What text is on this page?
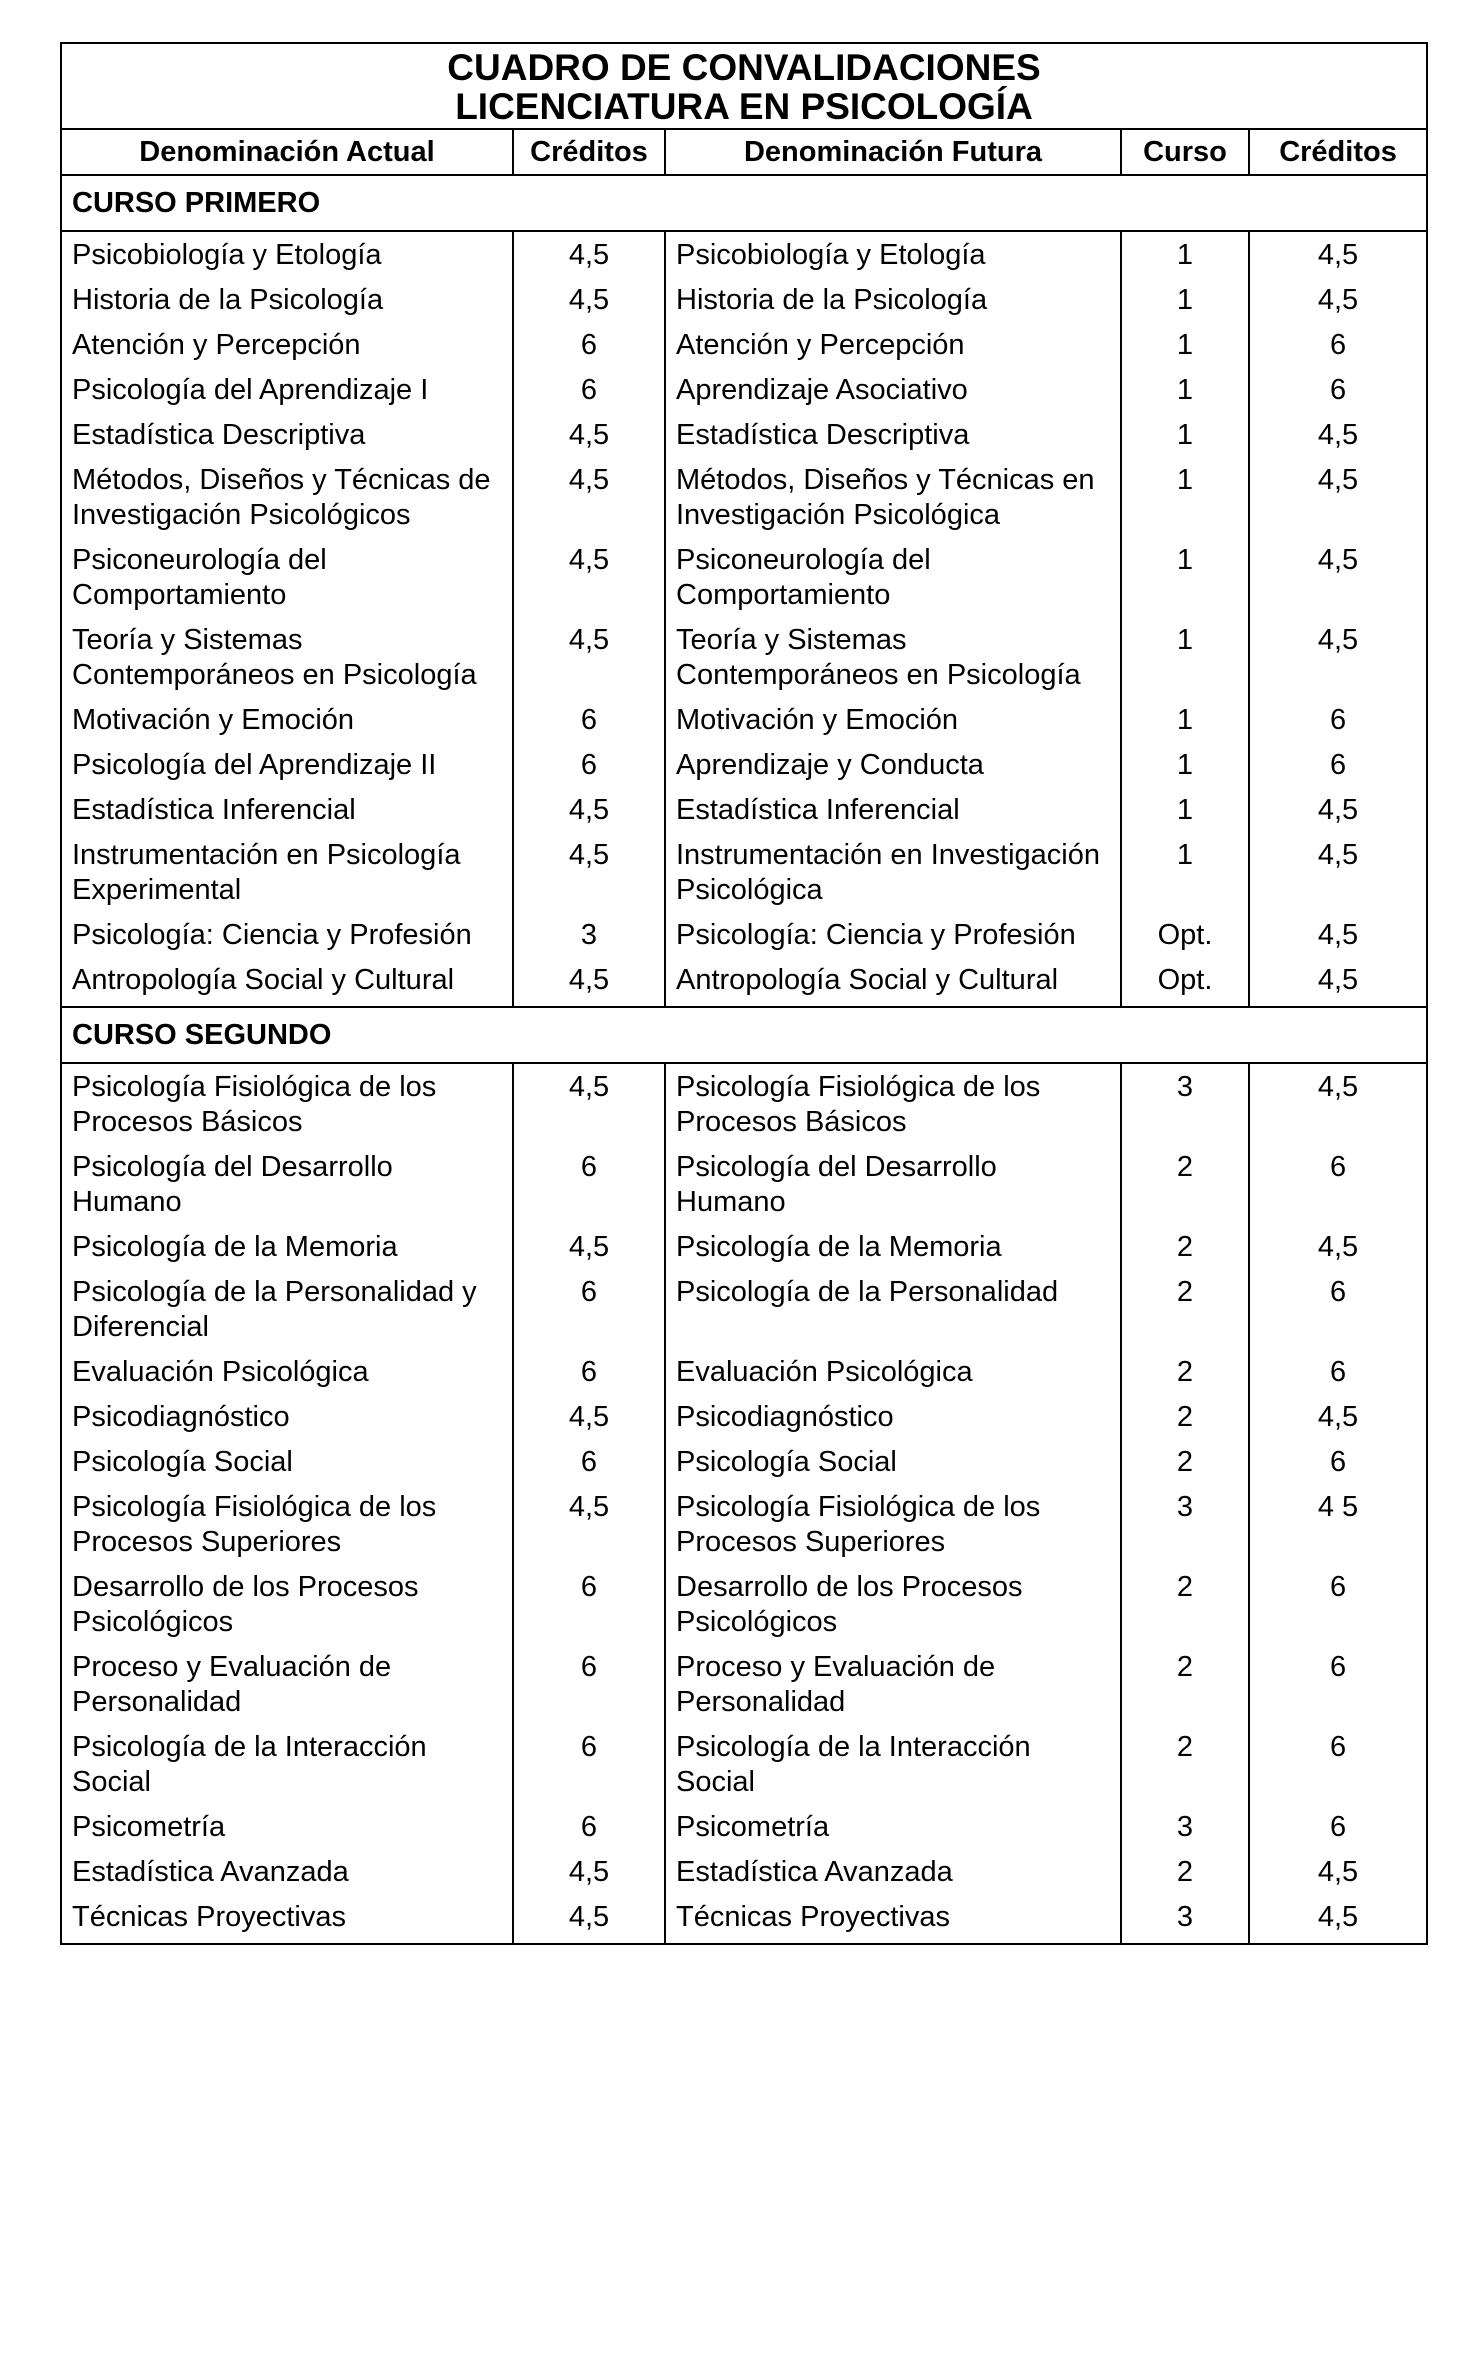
CUADRO DE CONVALIDACIONES
LICENCIATURA EN PSICOLOGÍA				

Denominación Actual	Créditos	Denominación Futura	Curso	Créditos
CURSO PRIMERO				
Psicobiología y Etología	4,5	Psicobiología y Etología	1	4,5
Historia de la Psicología	4,5	Historia de la Psicología	1	4,5
Atención y Percepción	6	Atención y Percepción	1	6
Psicología del Aprendizaje I	6	Aprendizaje Asociativo	1	6
Estadística Descriptiva	4,5	Estadística Descriptiva	1	4,5
Métodos, Diseños y Técnicas de Investigación Psicológicos	4,5	Métodos, Diseños y Técnicas en Investigación Psicológica	1	4,5
Psiconeurología del Comportamiento	4,5	Psiconeurología del Comportamiento	1	4,5
Teoría y Sistemas Contemporáneos en Psicología	4,5	Teoría y Sistemas Contemporáneos en Psicología	1	4,5
Motivación y Emoción	6	Motivación y Emoción	1	6
Psicología del Aprendizaje II	6	Aprendizaje y Conducta	1	6
Estadística Inferencial	4,5	Estadística Inferencial	1	4,5
Instrumentación en Psicología Experimental	4,5	Instrumentación en Investigación Psicológica	1	4,5
Psicología: Ciencia y Profesión	3	Psicología: Ciencia y Profesión	Opt.	4,5
Antropología Social y Cultural	4,5	Antropología Social y Cultural	Opt.	4,5
CURSO SEGUNDO				
Psicología Fisiológica de los Procesos Básicos	4,5	Psicología Fisiológica de los Procesos Básicos	3	4,5
Psicología del Desarrollo Humano	6	Psicología del Desarrollo Humano	2	6
Psicología de la Memoria	4,5	Psicología de la Memoria	2	4,5
Psicología de la Personalidad y Diferencial	6	Psicología de la Personalidad	2	6
Evaluación Psicológica	6	Evaluación Psicológica	2	6
Psicodiagnóstico	4,5	Psicodiagnóstico	2	4,5
Psicología Social	6	Psicología Social	2	6
Psicología Fisiológica de los Procesos Superiores	4,5	Psicología Fisiológica de los Procesos Superiores	3	4 5
Desarrollo de los Procesos Psicológicos	6	Desarrollo de los Procesos Psicológicos	2	6
Proceso y Evaluación de Personalidad	6	Proceso y Evaluación de Personalidad	2	6
Psicología de la Interacción Social	6	Psicología de la Interacción Social	2	6
Psicometría	6	Psicometría	3	6
Estadística Avanzada	4,5	Estadística Avanzada	2	4,5
Técnicas Proyectivas	4,5	Técnicas Proyectivas	3	4,5
